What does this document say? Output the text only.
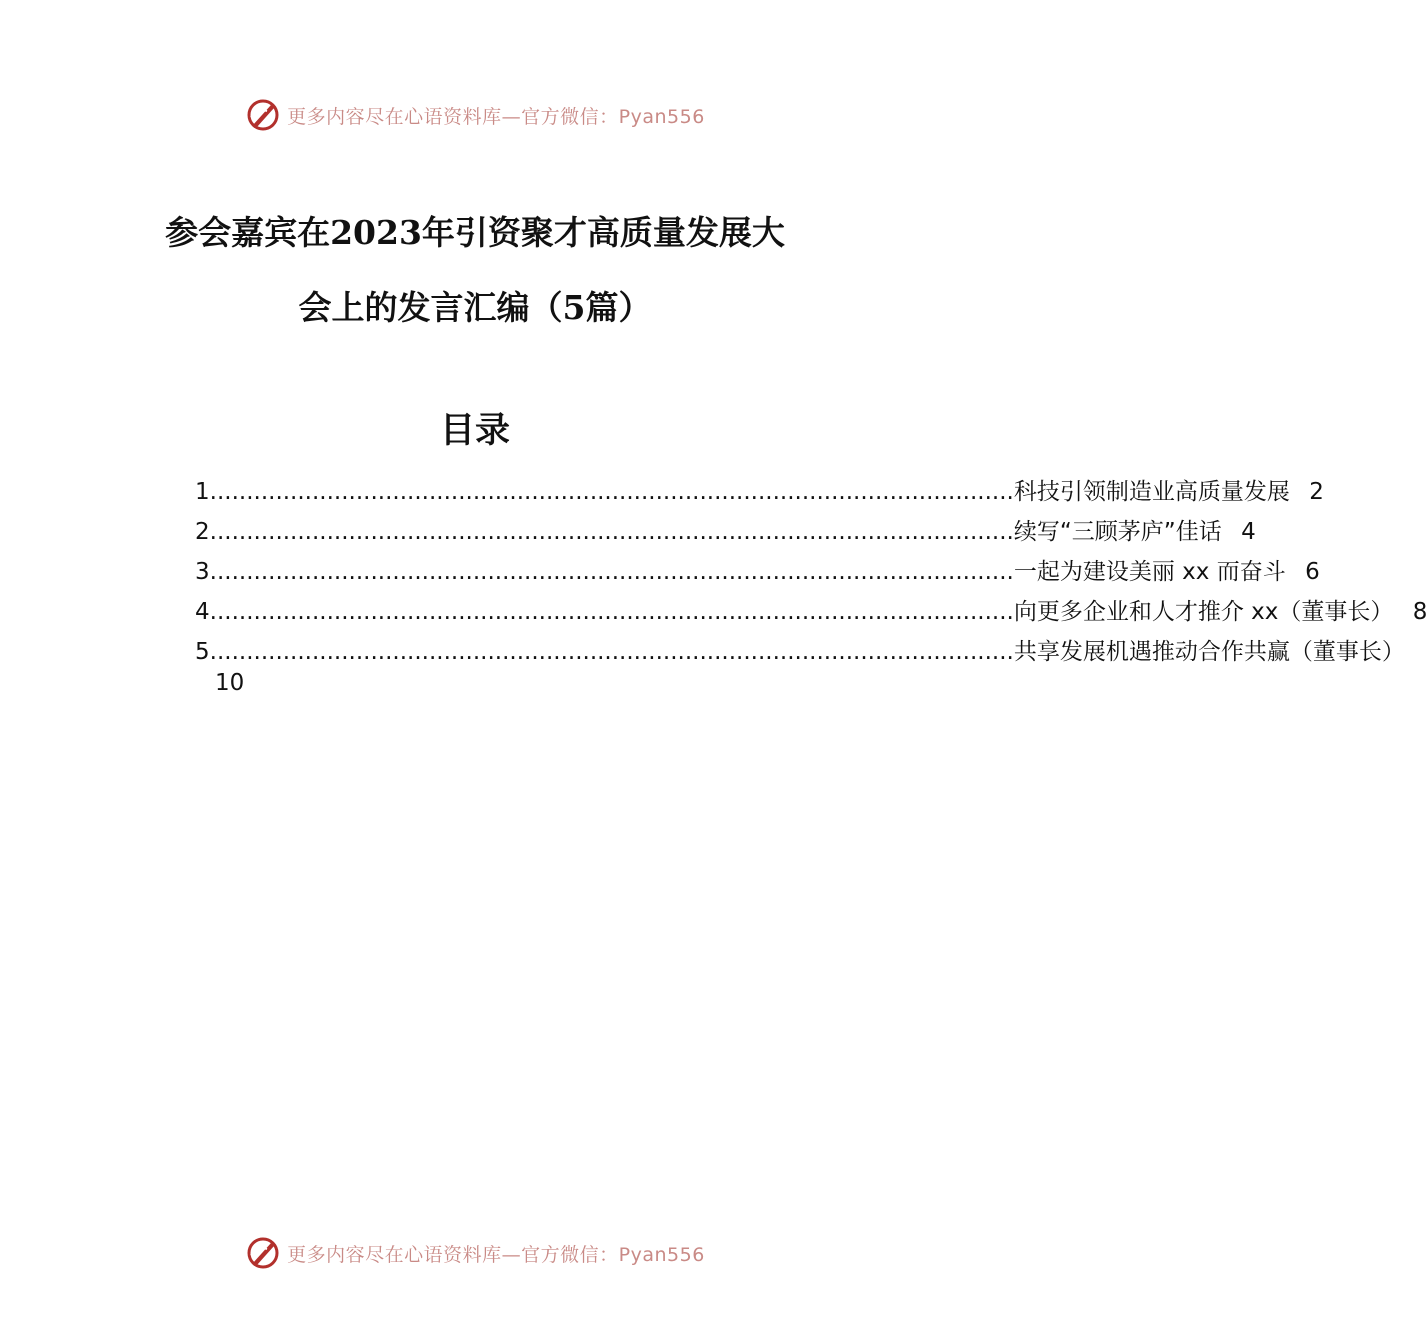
更多内容尽在心语资料库—官方微信：Pyan556
参会嘉宾在2023年引资聚才高质量发展大
会上的发言汇编（5篇）
目录
1 .............................................................................................................. 科技引领制造业高质量发展 2
2 .............................................................................................................. 续写“三顾茅庐”佳话 4
3 .............................................................................................................. 一起为建设美丽 xx 而奋斗 6
4 .............................................................................................................. 向更多企业和人才推介 xx（董事长） 8
5 .............................................................................................................. 共享发展机遇推动合作共赢（董事长）
10
更多内容尽在心语资料库—官方微信：Pyan556
